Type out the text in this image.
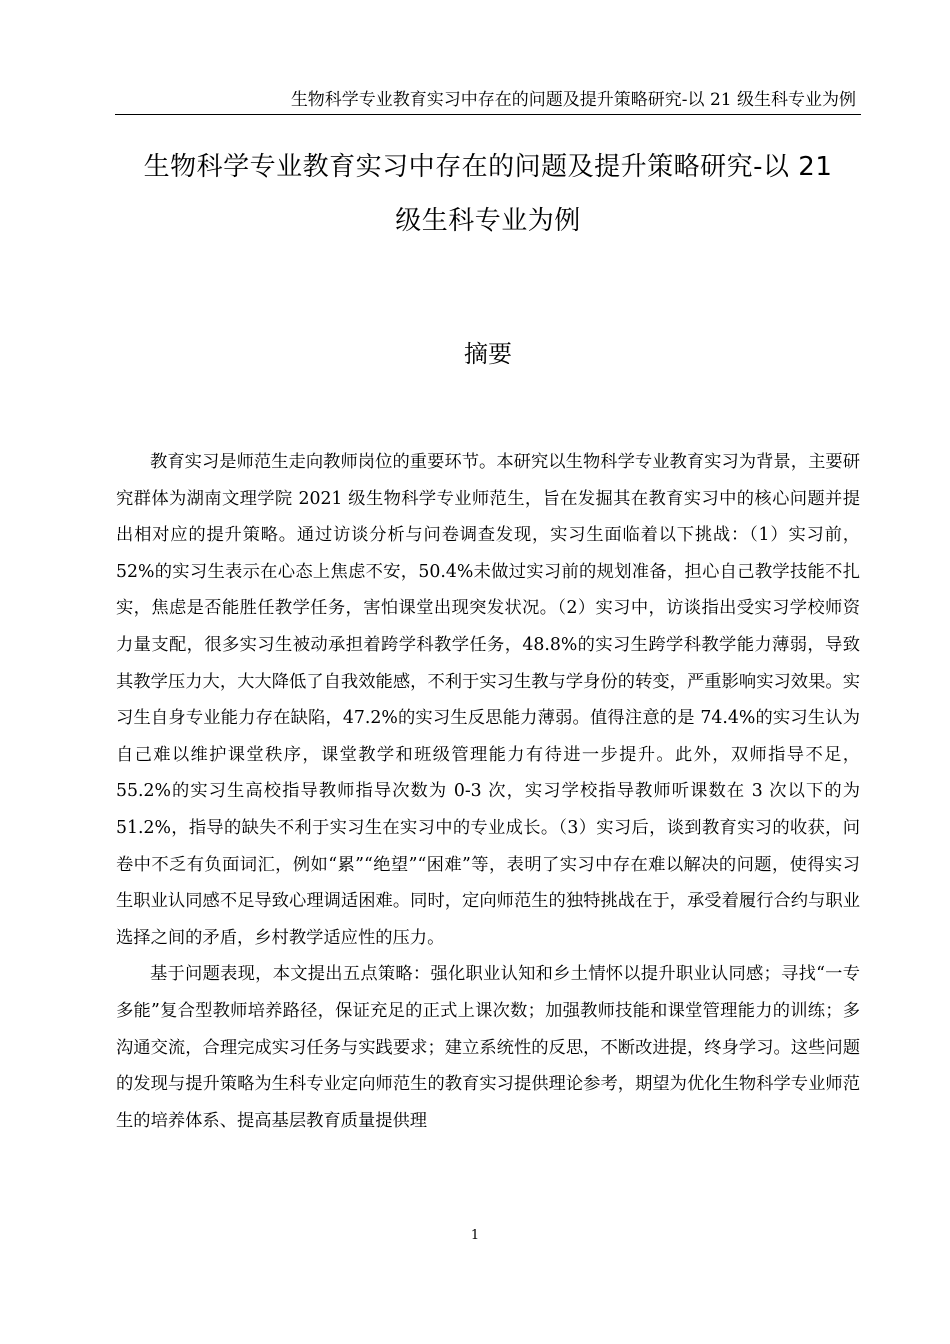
生物科学专业教育实习中存在的问题及提升策略研究-以 21 级生科专业为例
生物科学专业教育实习中存在的问题及提升策略研究-以 21
级生科专业为例
摘要

教育实习是师范生走向教师岗位的重要环节。本研究以生物科学专业教育实习为背景，主要研究群体为湖南文理学院 2021 级生物科学专业师范生，旨在发掘其在教育实习中的核心问题并提出相对应的提升策略。通过访谈分析与问卷调查发现，实习生面临着以下挑战：（1）实习前，52%的实习生表示在心态上焦虑不安，50.4%未做过实习前的规划准备，担心自己教学技能不扎实，焦虑是否能胜任教学任务，害怕课堂出现突发状况。（2）实习中，访谈指出受实习学校师资力量支配，很多实习生被动承担着跨学科教学任务，48.8%的实习生跨学科教学能力薄弱，导致其教学压力大，大大降低了自我效能感，不利于实习生教与学身份的转变，严重影响实习效果。实习生自身专业能力存在缺陷，47.2%的实习生反思能力薄弱。值得注意的是 74.4%的实习生认为自己难以维护课堂秩序，课堂教学和班级管理能力有待进一步提升。此外，双师指导不足，55.2%的实习生高校指导教师指导次数为 0-3 次，实习学校指导教师听课数在 3 次以下的为 51.2%，指导的缺失不利于实习生在实习中的专业成长。（3）实习后，谈到教育实习的收获，问卷中不乏有负面词汇，例如“累”“绝望”“困难”等，表明了实习中存在难以解决的问题，使得实习生职业认同感不足导致心理调适困难。同时，定向师范生的独特挑战在于，承受着履行合约与职业选择之间的矛盾，乡村教学适应性的压力。

基于问题表现，本文提出五点策略：强化职业认知和乡土情怀以提升职业认同感；寻找“一专多能”复合型教师培养路径，保证充足的正式上课次数；加强教师技能和课堂管理能力的训练；多沟通交流，合理完成实习任务与实践要求；建立系统性的反思，不断改进提，终身学习。这些问题的发现与提升策略为生科专业定向师范生的教育实习提供理论参考，期望为优化生物科学专业师范生的培养体系、提高基层教育质量提供理

1
